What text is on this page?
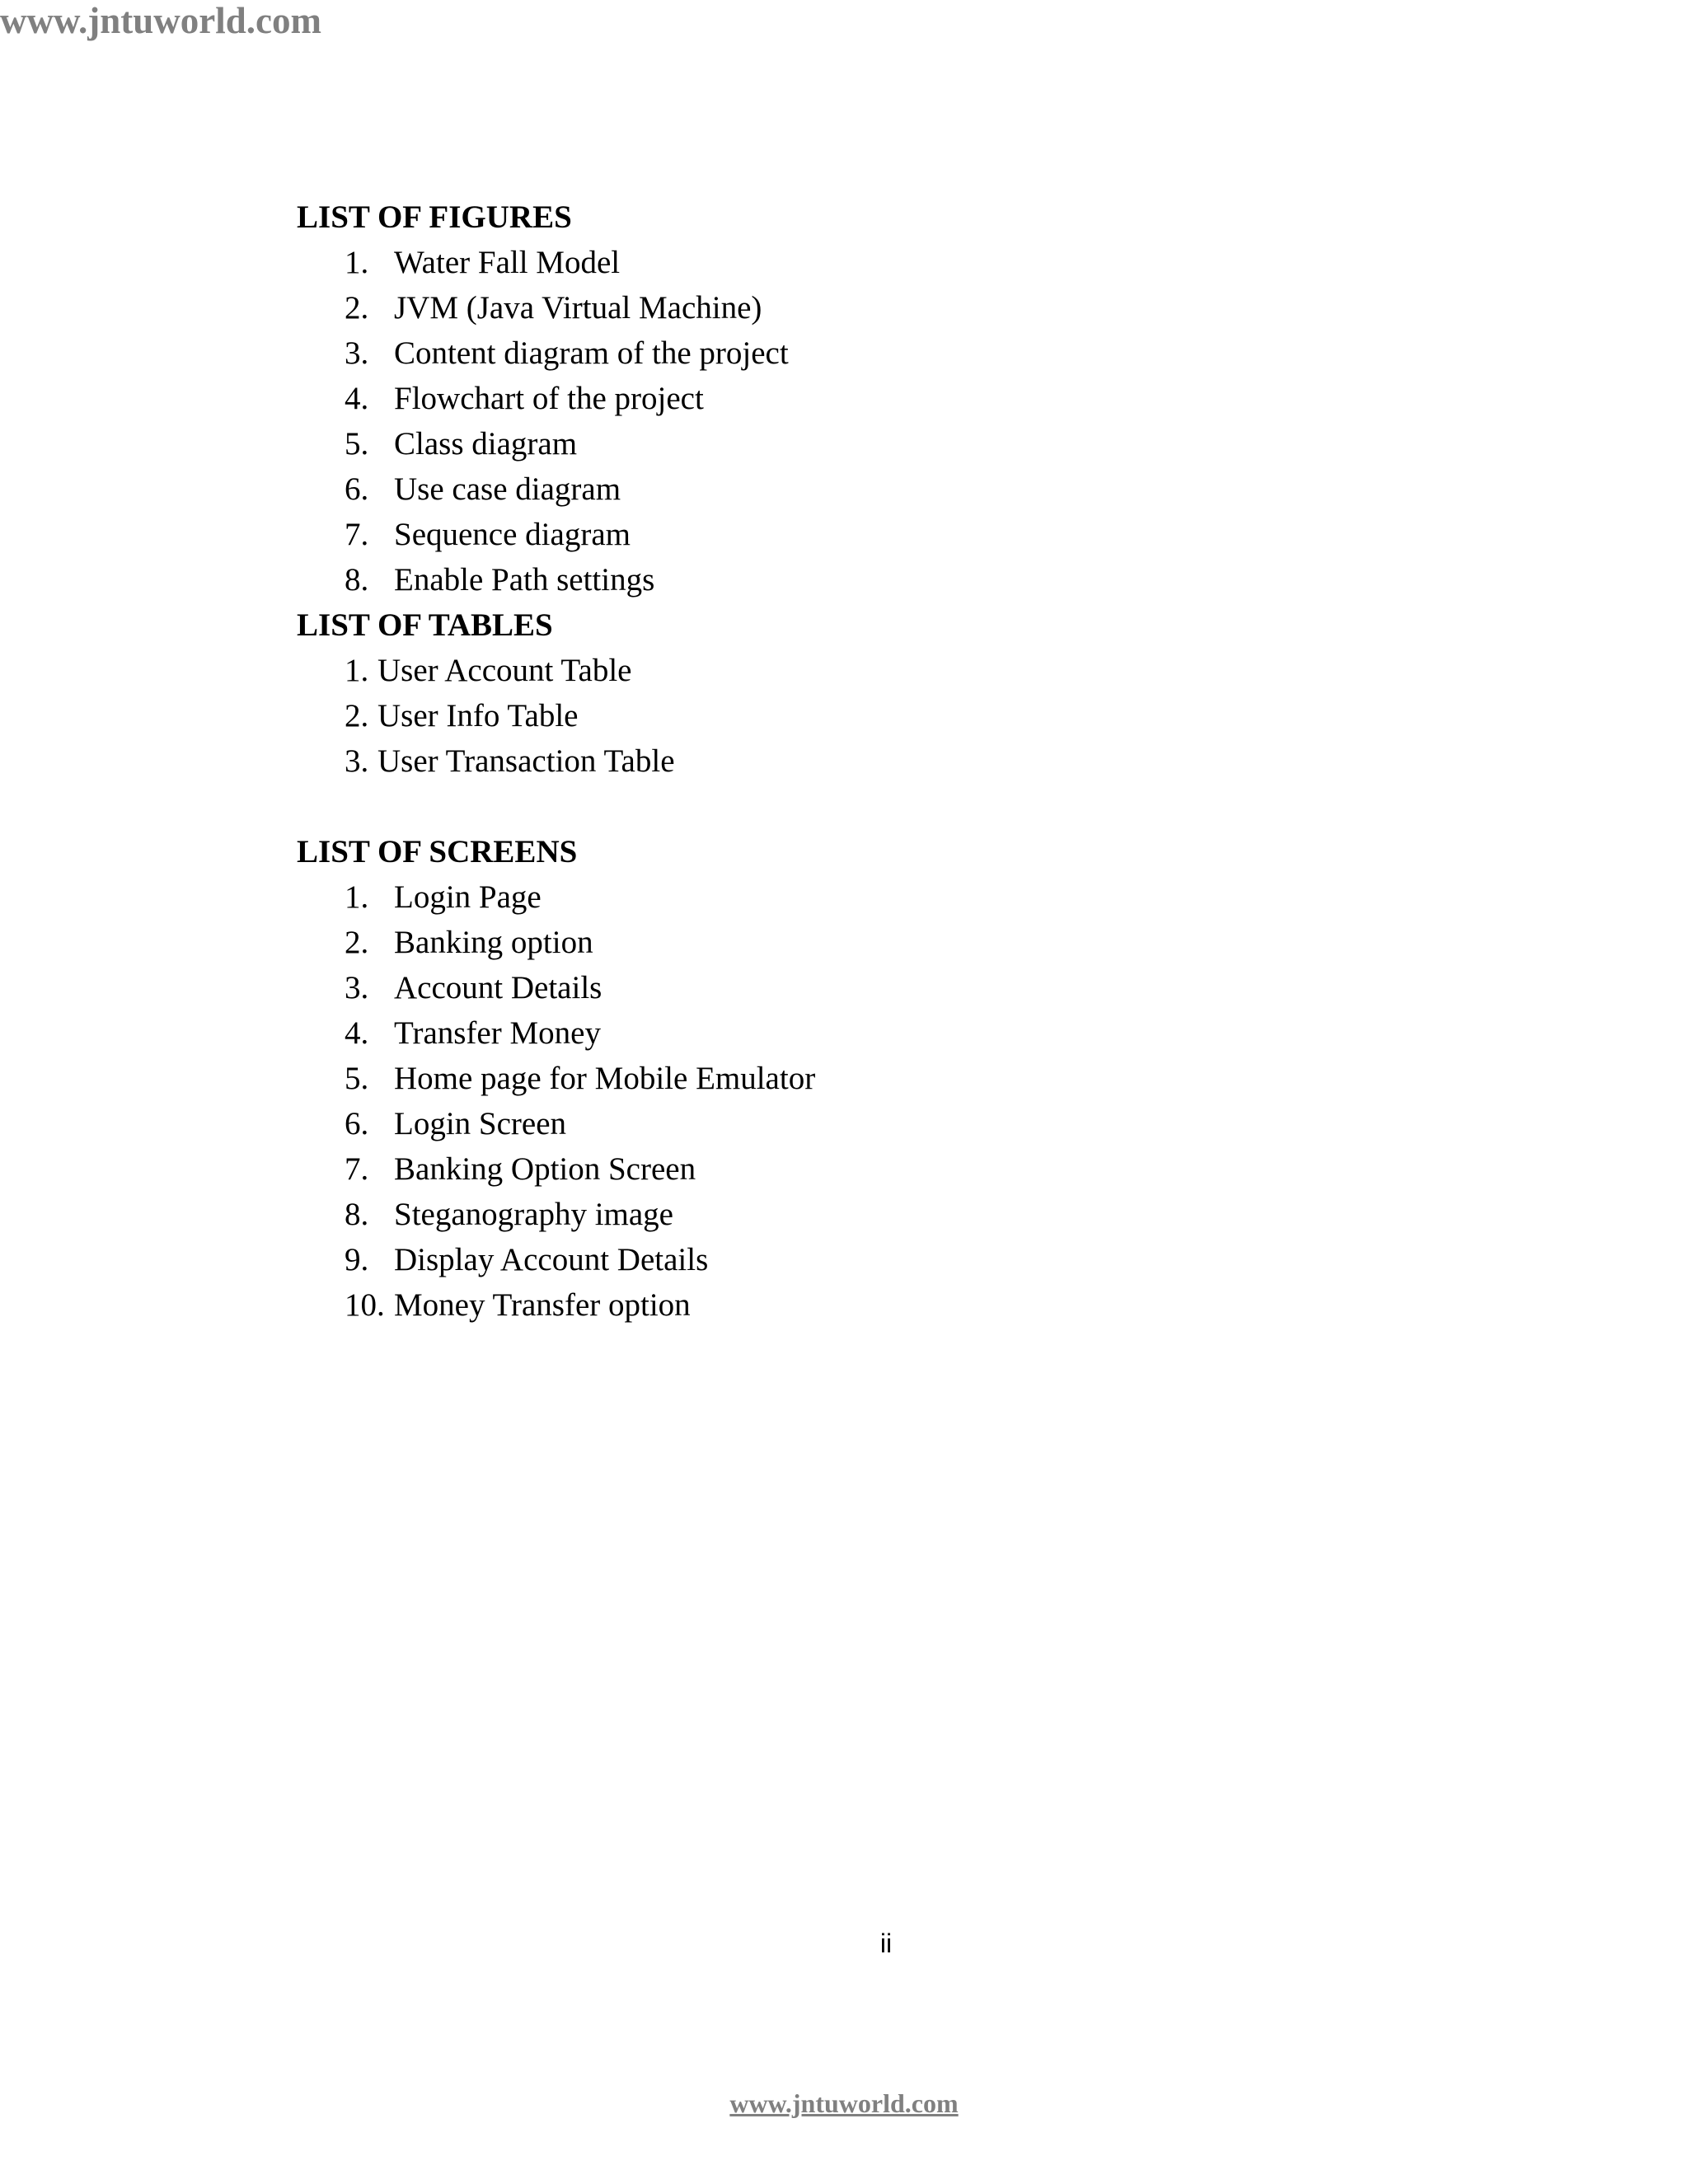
www.jntuworld.com
LIST OF FIGURES
1. Water Fall Model
2. JVM (Java Virtual Machine)
3. Content diagram of the project
4. Flowchart of the project
5. Class diagram
6. Use case diagram
7. Sequence diagram
8. Enable Path settings
LIST OF TABLES
1. User Account Table
2. User Info Table
3. User Transaction Table
LIST OF SCREENS
1. Login Page
2. Banking option
3. Account Details
4. Transfer Money
5. Home page for Mobile Emulator
6. Login Screen
7. Banking Option Screen
8. Steganography image
9. Display Account Details
10. Money Transfer option
ii
www.jntuworld.com
